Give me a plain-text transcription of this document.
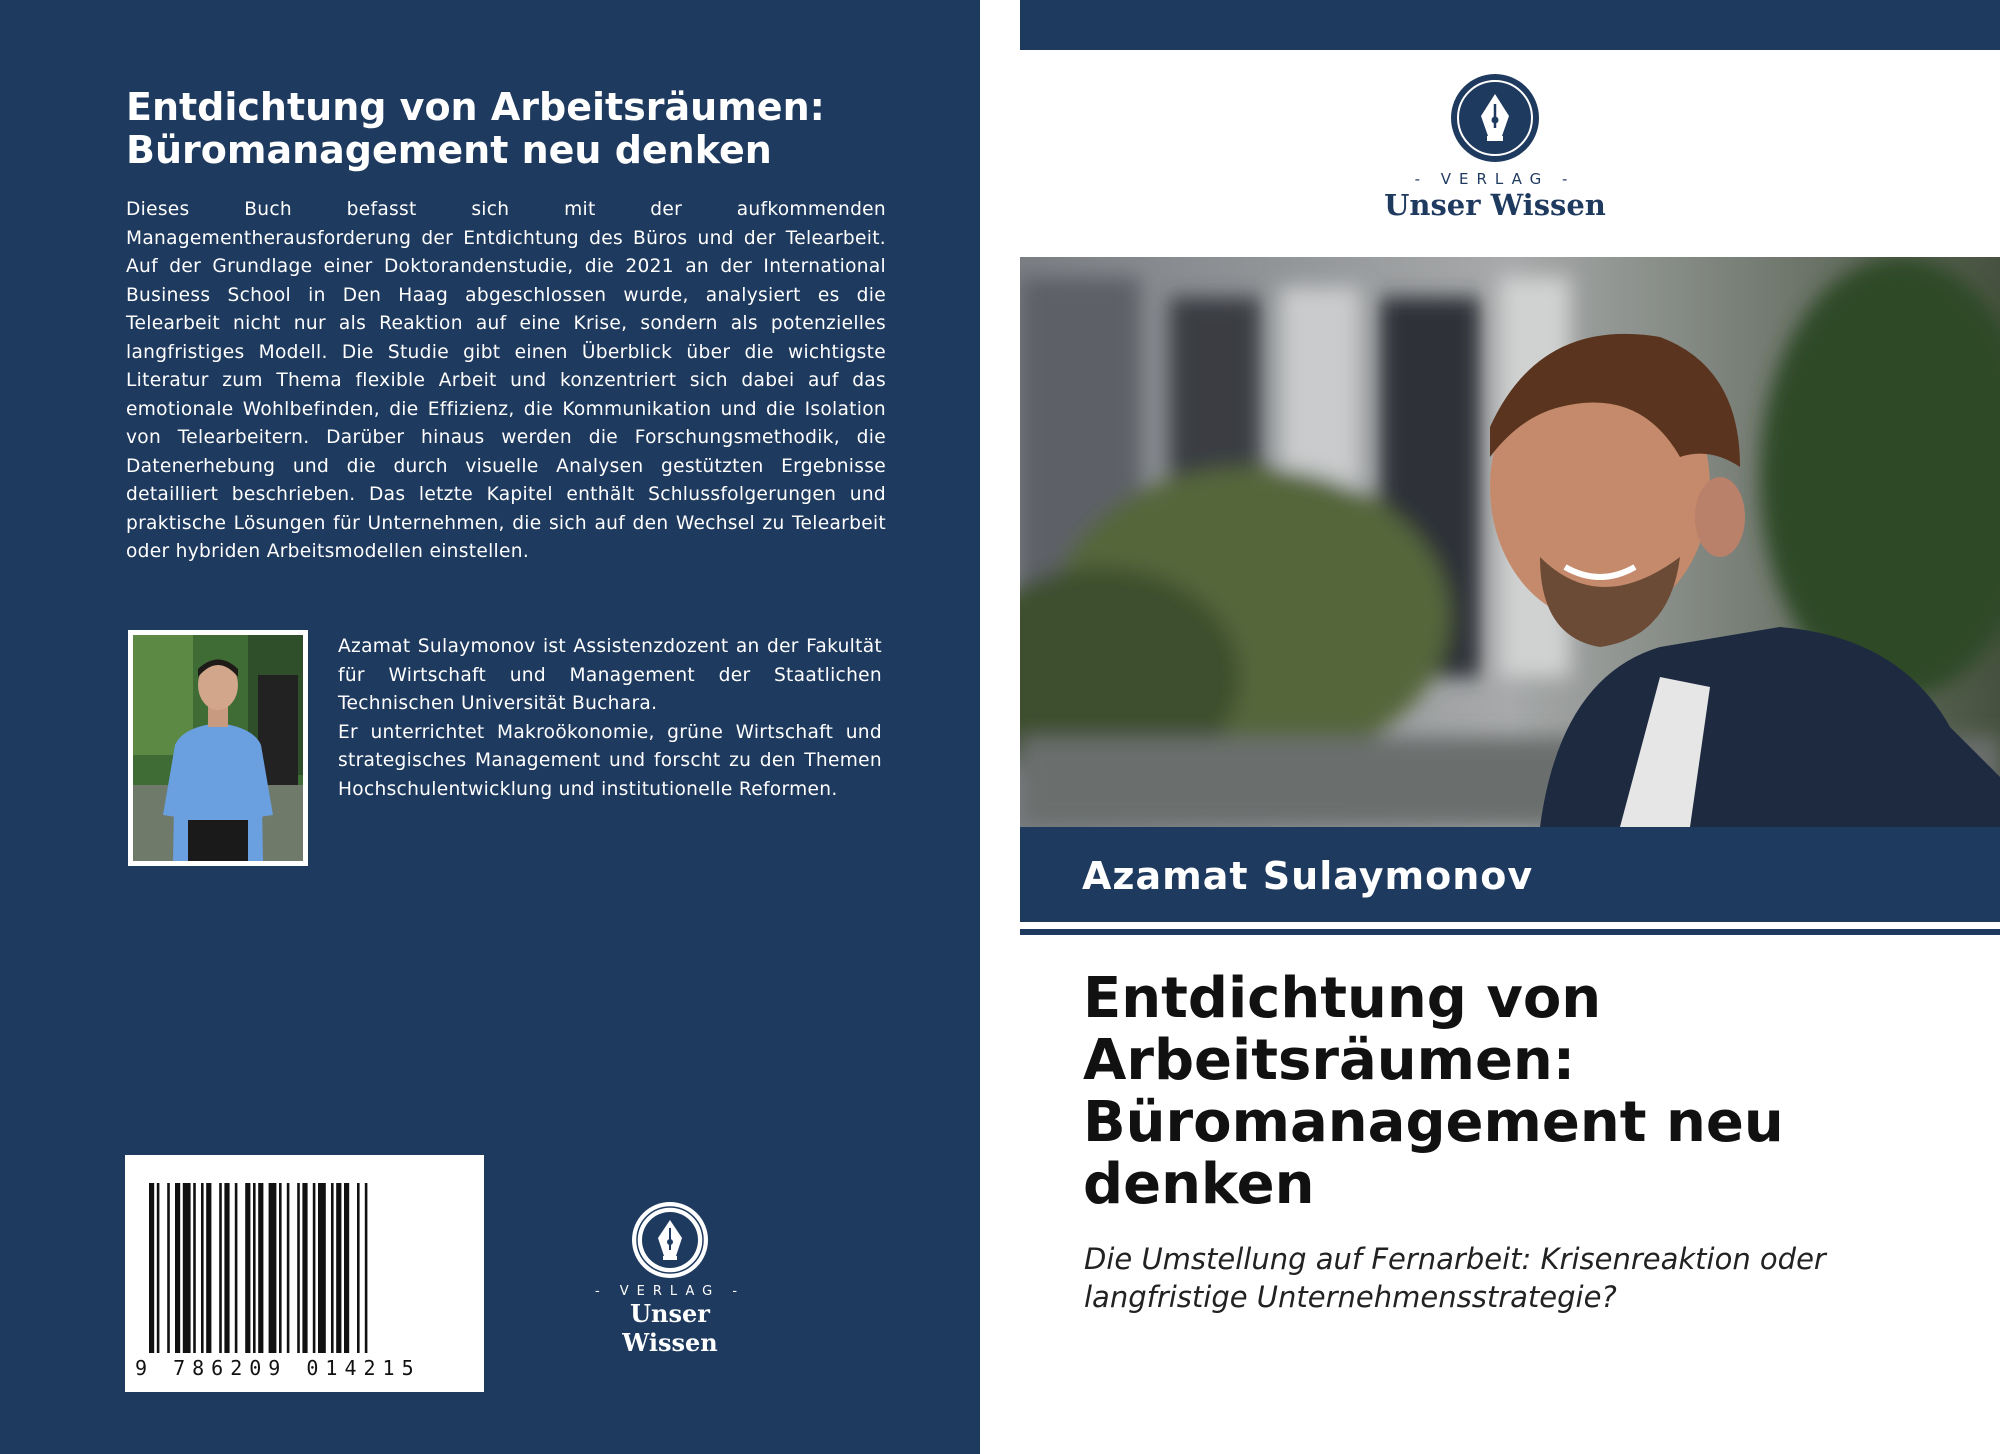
Entdichtung von Arbeitsräumen: Büromanagement neu denken
Dieses Buch befasst sich mit der aufkommenden Managementherausforderung der Entdichtung des Büros und der Telearbeit. Auf der Grundlage einer Doktorandenstudie, die 2021 an der International Business School in Den Haag abgeschlossen wurde, analysiert es die Telearbeit nicht nur als Reaktion auf eine Krise, sondern als potenzielles langfristiges Modell. Die Studie gibt einen Überblick über die wichtigste Literatur zum Thema flexible Arbeit und konzentriert sich dabei auf das emotionale Wohlbefinden, die Effizienz, die Kommunikation und die Isolation von Telearbeitern. Darüber hinaus werden die Forschungsmethodik, die Datenerhebung und die durch visuelle Analysen gestützten Ergebnisse detailliert beschrieben. Das letzte Kapitel enthält Schlussfolgerungen und praktische Lösungen für Unternehmen, die sich auf den Wechsel zu Telearbeit oder hybriden Arbeitsmodellen einstellen.
Azamat Sulaymonov ist Assistenzdozent an der Fakultät für Wirtschaft und Management der Staatlichen Technischen Universität Buchara.
Er unterrichtet Makroökonomie, grüne Wirtschaft und strategisches Management und forscht zu den Themen Hochschulentwicklung und institutionelle Reformen.
9 786209 014215
- VERLAG -
Unser Wissen
- VERLAG -
Unser Wissen
Azamat Sulaymonov
Entdichtung von Arbeitsräumen: Büromanagement neu denken
Die Umstellung auf Fernarbeit: Krisenreaktion oder langfristige Unternehmensstrategie?
